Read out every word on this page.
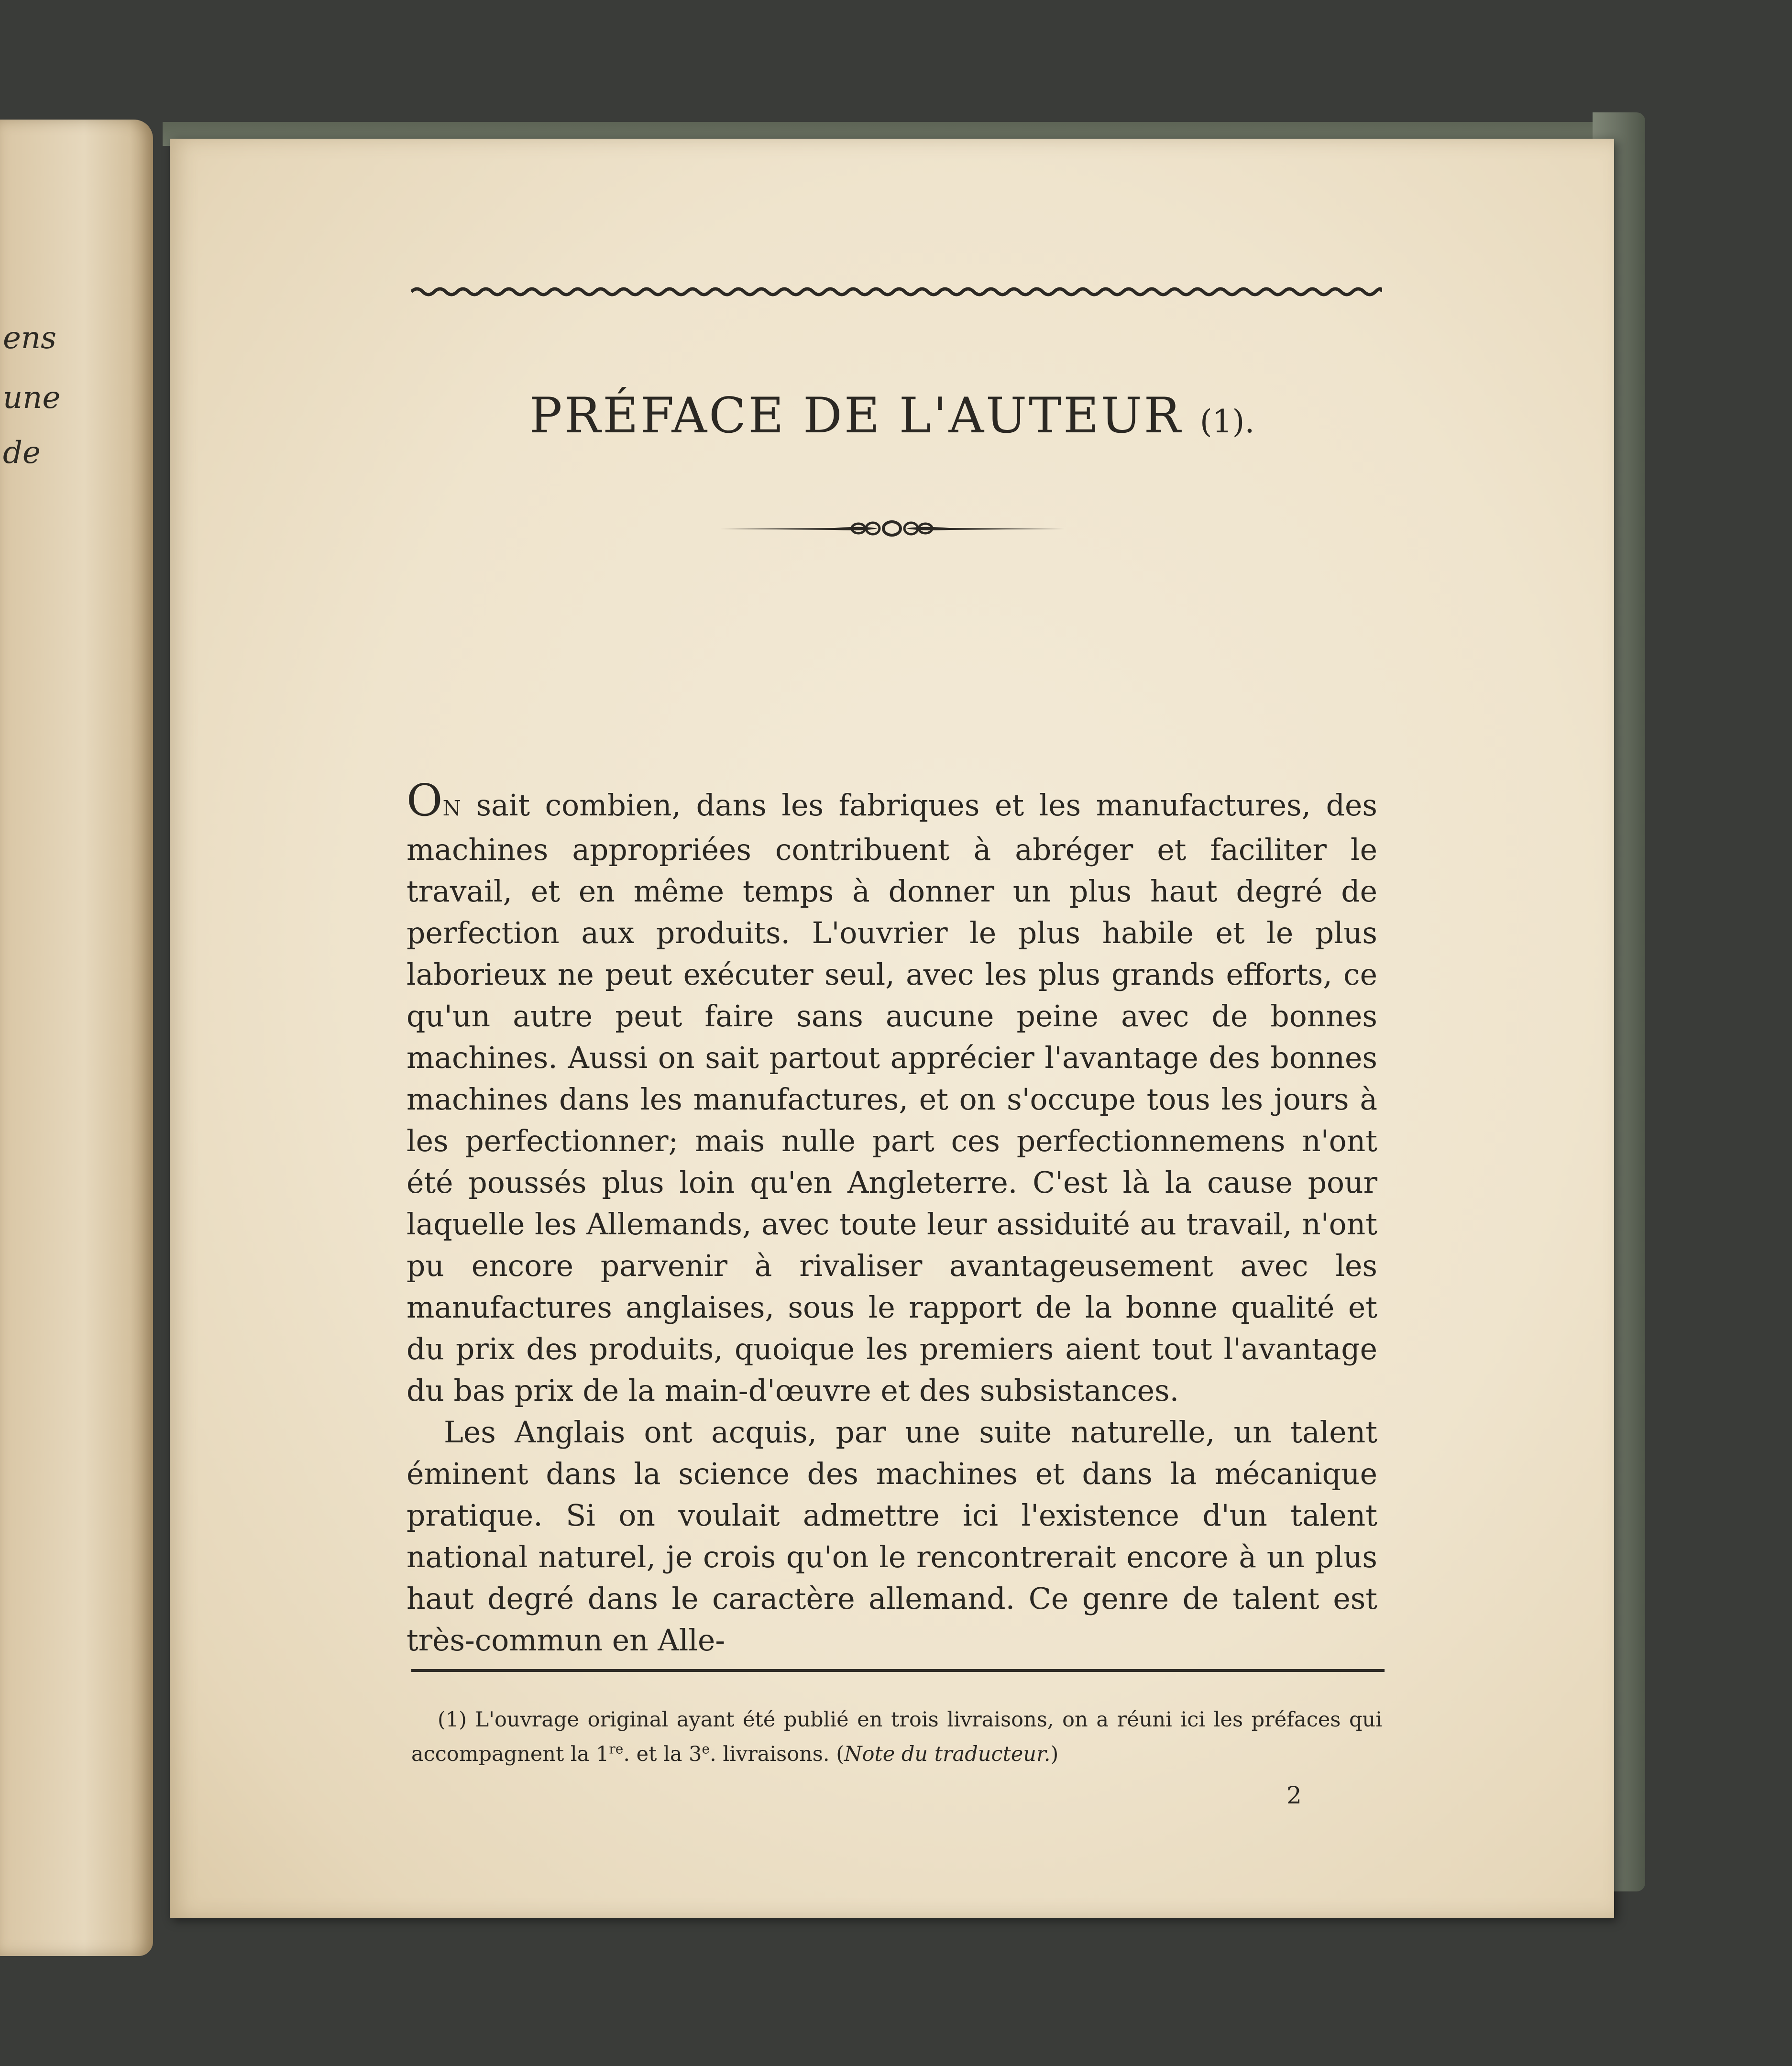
ens
une
de
PRÉFACE DE L'AUTEUR (1).

ON sait combien, dans les fabriques et les manufactures, des machines appropriées contribuent à abréger et faciliter le travail, et en même temps à donner un plus haut degré de perfection aux produits. L'ouvrier le plus habile et le plus laborieux ne peut exécuter seul, avec les plus grands efforts, ce qu'un autre peut faire sans aucune peine avec de bonnes machines. Aussi on sait partout apprécier l'avantage des bonnes machines dans les manufactures, et on s'occupe tous les jours à les perfectionner; mais nulle part ces perfectionnemens n'ont été poussés plus loin qu'en Angleterre. C'est là la cause pour laquelle les Allemands, avec toute leur assiduité au travail, n'ont pu encore parvenir à rivaliser avantageusement avec les manufactures anglaises, sous le rapport de la bonne qualité et du prix des produits, quoique les premiers aient tout l'avantage du bas prix de la main-d'œuvre et des subsistances.

Les Anglais ont acquis, par une suite naturelle, un talent éminent dans la science des machines et dans la mécanique pratique. Si on voulait admettre ici l'existence d'un talent national naturel, je crois qu'on le rencontrerait encore à un plus haut degré dans le caractère allemand. Ce genre de talent est très-commun en Alle-

(1) L'ouvrage original ayant été publié en trois livraisons, on a réuni ici les préfaces qui accompagnent la 1re. et la 3e. livraisons. (Note du traducteur.)

2
